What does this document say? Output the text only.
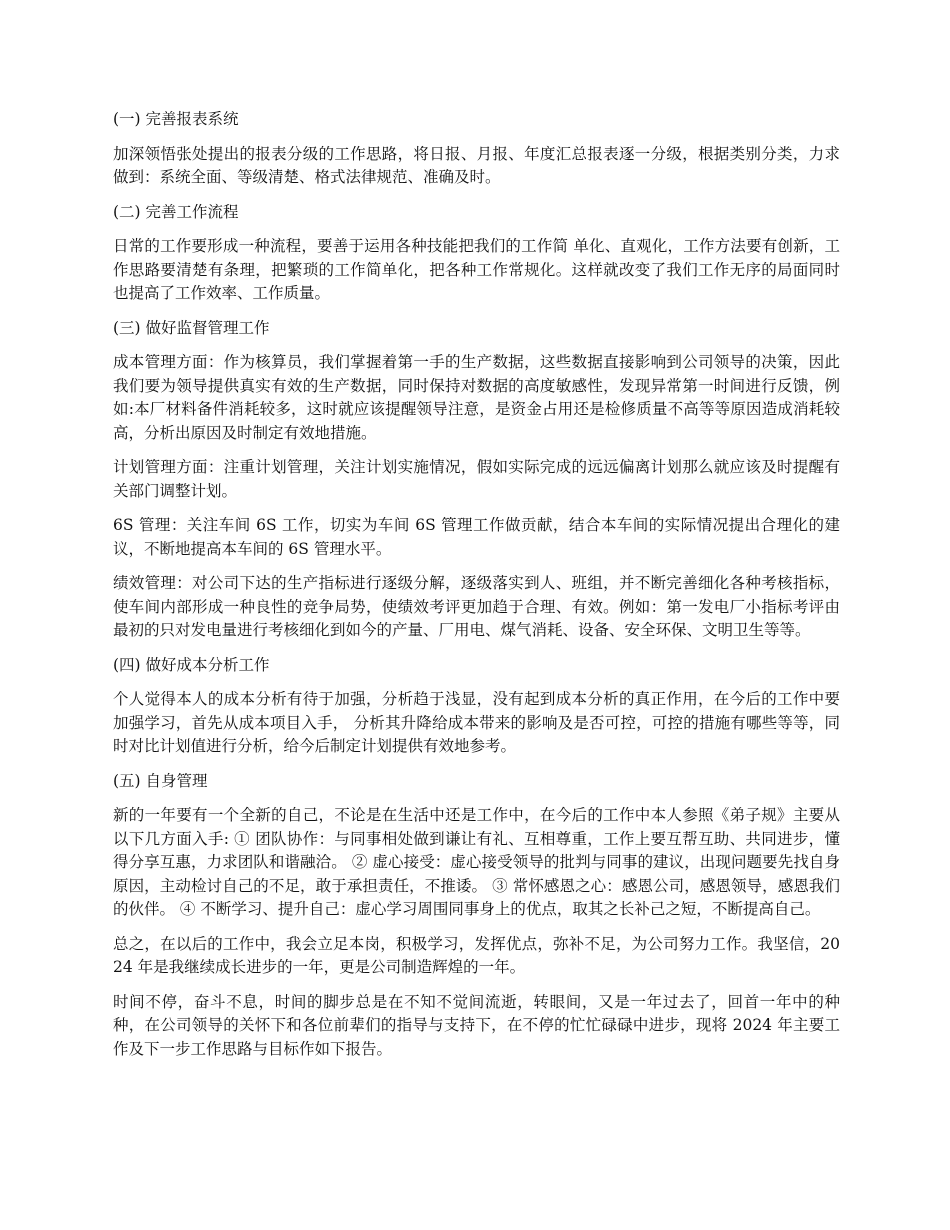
(一) 完善报表系统

加深领悟张处提出的报表分级的工作思路，将日报、月报、年度汇总报表逐一分级，根据类别分类，力求做到：系统全面、等级清楚、格式法律规范、准确及时。

(二) 完善工作流程

日常的工作要形成一种流程，要善于运用各种技能把我们的工作简 单化、直观化，工作方法要有创新，工作思路要清楚有条理，把繁琐的工作简单化，把各种工作常规化。这样就改变了我们工作无序的局面同时也提高了工作效率、工作质量。

(三) 做好监督管理工作

成本管理方面：作为核算员，我们掌握着第一手的生产数据，这些数据直接影响到公司领导的决策，因此我们要为领导提供真实有效的生产数据，同时保持对数据的高度敏感性，发现异常第一时间进行反馈，例如:本厂材料备件消耗较多，这时就应该提醒领导注意，是资金占用还是检修质量不高等等原因造成消耗较高，分析出原因及时制定有效地措施。

计划管理方面：注重计划管理，关注计划实施情况，假如实际完成的远远偏离计划那么就应该及时提醒有关部门调整计划。

6S 管理：关注车间 6S 工作，切实为车间 6S 管理工作做贡献，结合本车间的实际情况提出合理化的建议，不断地提高本车间的 6S 管理水平。

绩效管理：对公司下达的生产指标进行逐级分解，逐级落实到人、班组，并不断完善细化各种考核指标，使车间内部形成一种良性的竞争局势，使绩效考评更加趋于合理、有效。例如：第一发电厂小指标考评由最初的只对发电量进行考核细化到如今的产量、厂用电、煤气消耗、设备、安全环保、文明卫生等等。

(四) 做好成本分析工作

个人觉得本人的成本分析有待于加强，分析趋于浅显，没有起到成本分析的真正作用，在今后的工作中要加强学习，首先从成本项目入手， 分析其升降给成本带来的影响及是否可控，可控的措施有哪些等等，同时对比计划值进行分析，给今后制定计划提供有效地参考。

(五) 自身管理

新的一年要有一个全新的自己，不论是在生活中还是工作中，在今后的工作中本人参照《弟子规》主要从以下几方面入手: ① 团队协作：与同事相处做到谦让有礼、互相尊重，工作上要互帮互助、共同进步，懂得分享互惠，力求团队和谐融洽。 ② 虚心接受：虚心接受领导的批判与同事的建议，出现问题要先找自身原因，主动检讨自己的不足，敢于承担责任，不推诿。 ③ 常怀感恩之心：感恩公司，感恩领导，感恩我们的伙伴。 ④ 不断学习、提升自己：虚心学习周围同事身上的优点，取其之长补己之短，不断提高自己。

总之，在以后的工作中，我会立足本岗，积极学习，发挥优点，弥补不足，为公司努力工作。我坚信，2024 年是我继续成长进步的一年，更是公司制造辉煌的一年。

时间不停，奋斗不息，时间的脚步总是在不知不觉间流逝，转眼间，又是一年过去了，回首一年中的种种，在公司领导的关怀下和各位前辈们的指导与支持下，在不停的忙忙碌碌中进步，现将 2024 年主要工作及下一步工作思路与目标作如下报告。
